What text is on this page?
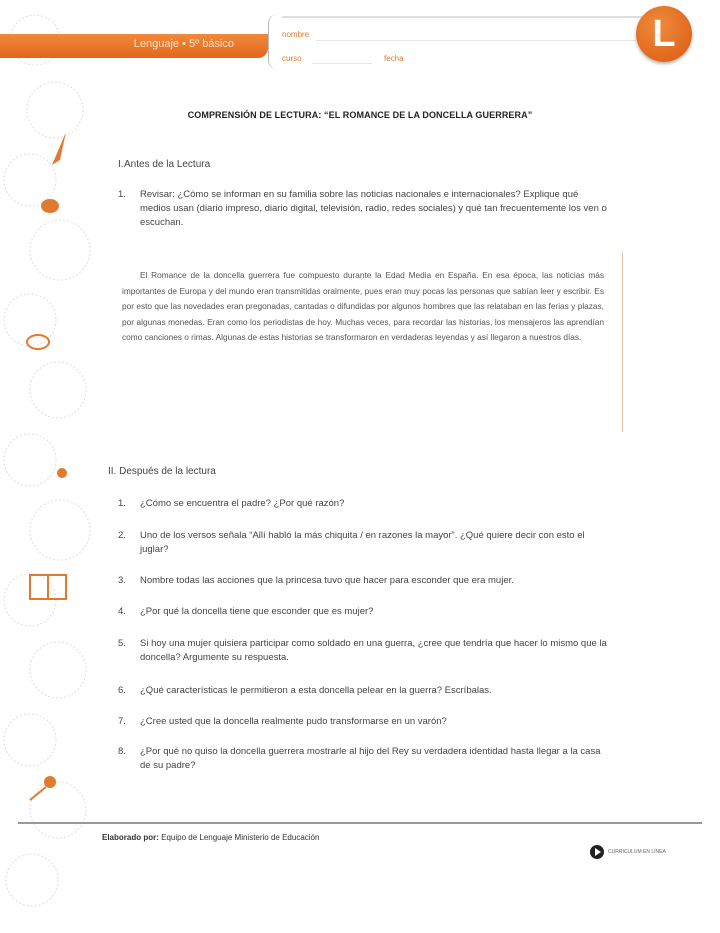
Lenguaje • 5º básico
nombre
curso	fecha
L
COMPRENSIÓN DE LECTURA: “EL ROMANCE DE LA DONCELLA GUERRERA”
I. Antes de la Lectura
1. Revisar: ¿Cómo se informan en su familia sobre las noticias nacionales e internacionales? Explique qué medios usan (diario impreso, diario digital, televisión, radio, redes sociales) y qué tan frecuentemente los ven o escuchan.
El Romance de la doncella guerrera fue compuesto durante la Edad Media en España. En esa época, las noticias más importantes de Europa y del mundo eran transmitidas oralmente, pues eran muy pocas las personas que sabían leer y escribir. Es por esto que las novedades eran pregonadas, cantadas o difundidas por algunos hombres que las relataban en las ferias y plazas, por algunas monedas. Eran como los periodistas de hoy. Muchas veces, para recordar las historias, los mensajeros las aprendían como canciones o rimas. Algunas de estas historias se transformaron en verdaderas leyendas y así llegaron a nuestros días.
II. Después de la lectura
1. ¿Cómo se encuentra el padre? ¿Por qué razón?
2. Uno de los versos señala “Allí habló la más chiquita / en razones la mayor”. ¿Qué quiere decir con esto el juglar?
3. Nombre todas las acciones que la princesa tuvo que hacer para esconder que era mujer.
4. ¿Por qué la doncella tiene que esconder que es mujer?
5. Si hoy una mujer quisiera participar como soldado en una guerra, ¿cree que tendría que hacer lo mismo que la doncella? Argumente su respuesta.
6. ¿Qué características le permitieron a esta doncella pelear en la guerra? Escríbalas.
7. ¿Cree usted que la doncella realmente pudo transformarse en un varón?
8. ¿Por qué no quiso la doncella guerrera mostrarle al hijo del Rey su verdadera identidad hasta llegar a la casa de su padre?
Elaborado por: Equipo de Lenguaje Ministerio de Educación
CURRICULUM EN LÍNEA
